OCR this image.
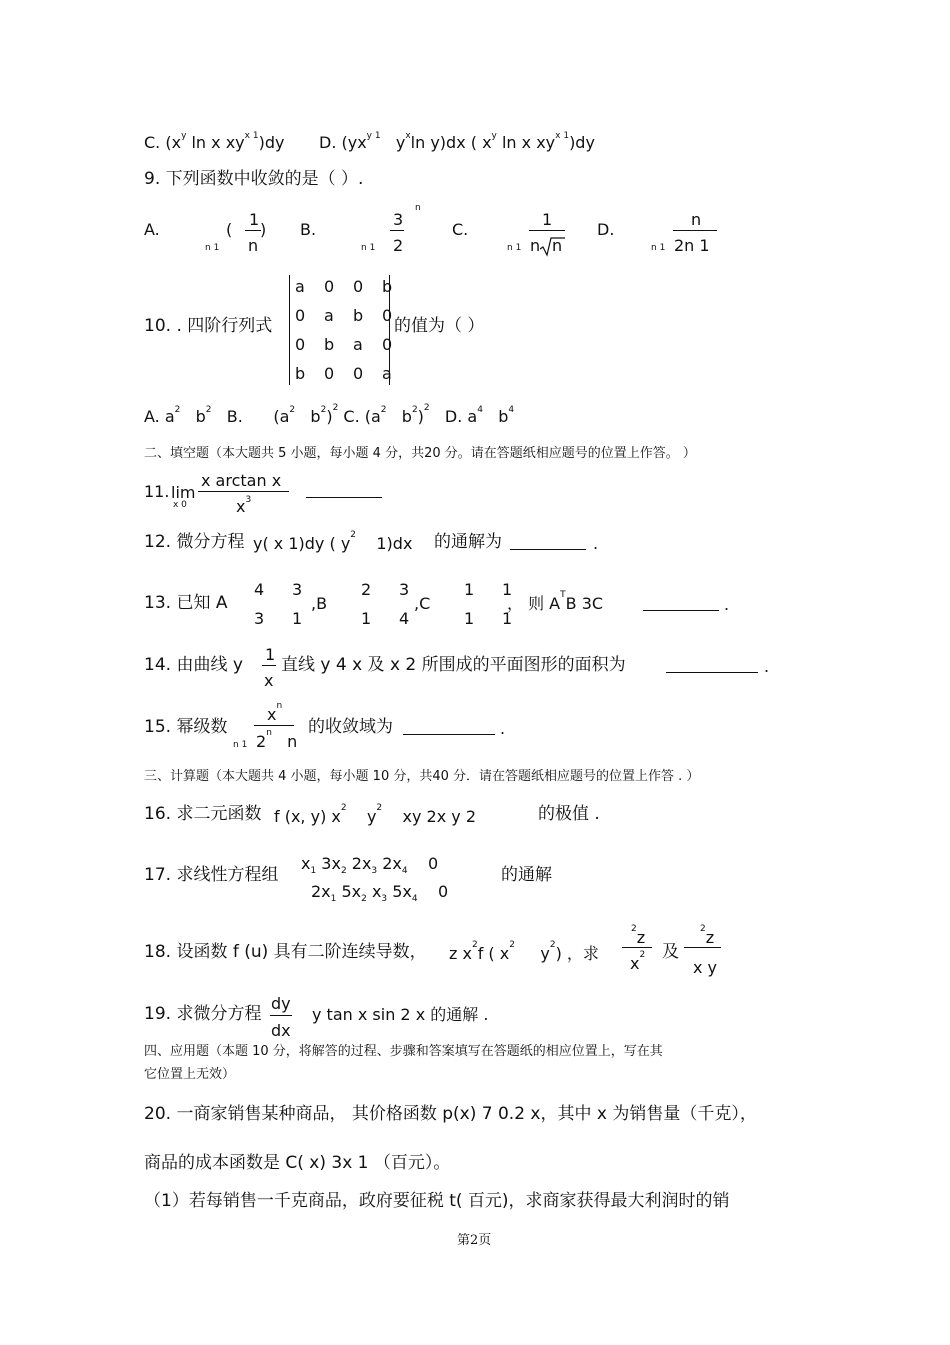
C. ($x^y$ ln x $xy^{x 1})dy$ D. ($yx^{y 1}$ $y^x\ln$ y)dx ( $x^y$ ln x $xy^{x 1})dy$
9. 下列函数中收敛的是（ ）.
A.
n 1
(
1
n
) B.
n 1
3
2
n
C.
n 1
1
n n
D.
n 1
n
2n 1
10. . 四阶行列式	的值为（ ）
A. $a^2$ $b^2$ B. ($a^2$ $b^2)^2$ C. ($a^2$ $b^2)^2$ D. $a^4$ $b^4$
二、填空题（本大题共 5 小题，每小题 4 分，共20 分。请在答题纸相应题号的位置上作答。 ）
11. lim
x 0
x arctan x
$x^3$
12. 微分方程 y( x 1)dy ( $y^2$ 1)dx 的通解为	.
13. 已知 A	,B	,C	， 则 $A^TB$ 3C	.
14. 由曲线 y
1
x
直线 y 4 x 及 x 2 所围成的平面图形的面积为	.
15. 幂级数
n 1
$x^n$
2$^n$ n
的收敛域为	.
三、计算题（本大题共 4 小题，每小题 10 分，共40 分．请在答题纸相应题号的位置上作答 . ）
16. 求二元函数 f (x, y) $x^2$ $y^2$ xy 2x y 2	的极值 .
17. 求线性方程组
$x_1$ $3x_2$ $2x_3$ $2x_4$ 0
$2x_1$ $5x_2$ $x_3$ $5x_4$ 0
的通解
18. 设函数 f (u) 具有二阶连续导数， z $x^2f$ ( $x^2$ $y^2$) ，求
$^2$z
$x^2$ 及
$^2$z
x y
19. 求微分方程
dy
dx
y tan x sin 2 x 的通解 .
四、应用题（本题 10 分，将解答的过程、步骤和答案填写在答题纸的相应位置上，写在其
它位置上无效）
20. 一商家销售某种商品， 其价格函数 p(x) 7 0.2 x，其中 x 为销售量（千克），
商品的成本函数是 C( x) 3x 1 （百元）。
（1）若每销售一千克商品，政府要征税 t( 百元)，求商家获得最大利润时的销
第2页
a 0 0 b
0 a b 0
0 b a 0
b 0 0 a
4 3
3 1
2 3
1 4
1 1
1 1
